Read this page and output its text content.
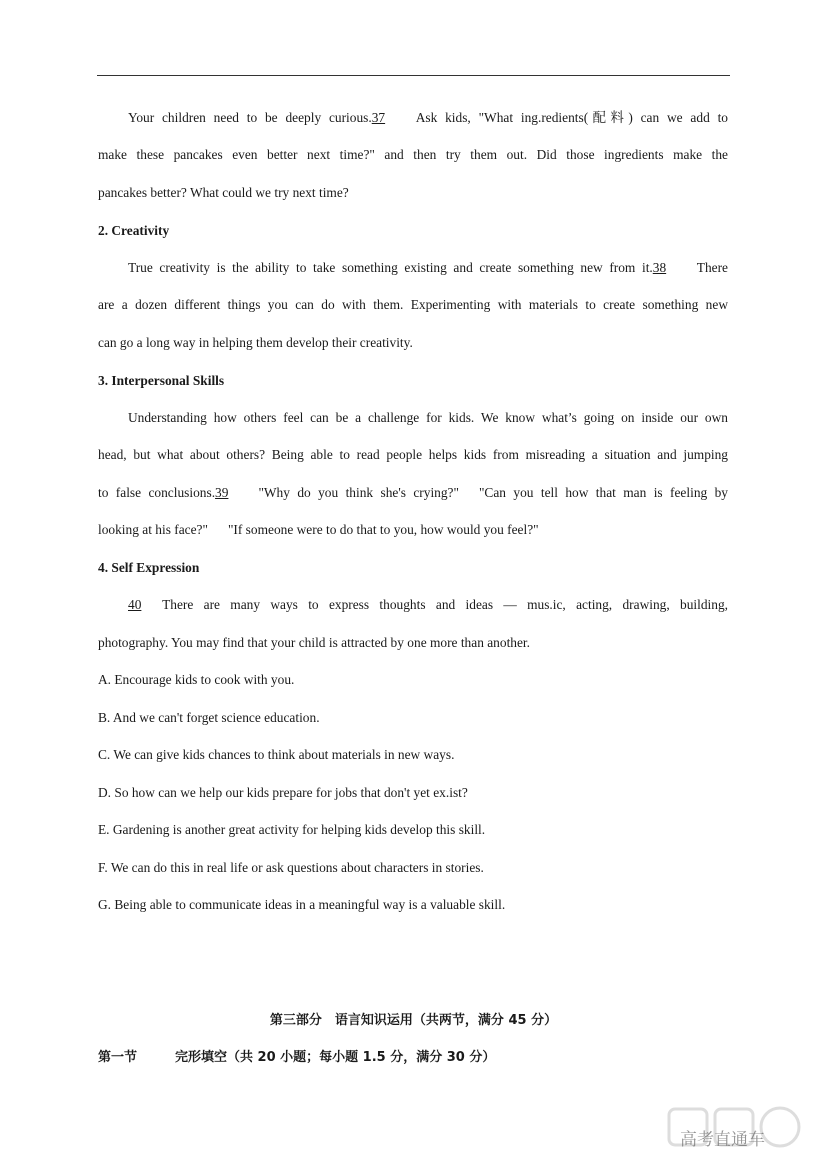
Your children need to be deeply curious.37 Ask kids, "What ing.redients(配料) can we add to
make these pancakes even better next time?" and then try them out. Did those ingredients make the
pancakes better? What could we try next time?
2. Creativity
True creativity is the ability to take something existing and create something new from it.38 There
are a dozen different things you can do with them. Experimenting with materials to create something new
can go a long way in helping them develop their creativity.
3. Interpersonal Skills
Understanding how others feel can be a challenge for kids. We know what’s going on inside our own
head, but what about others? Being able to read people helps kids from misreading a situation and jumping
to false conclusions.39 "Why do you think she's crying?" "Can you tell how that man is feeling by
looking at his face?" "If someone were to do that to you, how would you feel?"
4. Self Expression
40 There are many ways to express thoughts and ideas — mus.ic, acting, drawing, building,
photography. You may find that your child is attracted by one more than another.
A. Encourage kids to cook with you.
B. And we can't forget science education.
C. We can give kids chances to think about materials in new ways.
D. So how can we help our kids prepare for jobs that don't yet ex.ist?
E. Gardening is another great activity for helping kids develop this skill.
F. We can do this in real life or ask questions about characters in stories.
G. Being able to communicate ideas in a meaningful way is a valuable skill.
第三部分　语言知识运用（共两节，满分 45 分）
第一节	完形填空（共 20 小题；每小题 1.5 分，满分 30 分）
高考直通车
